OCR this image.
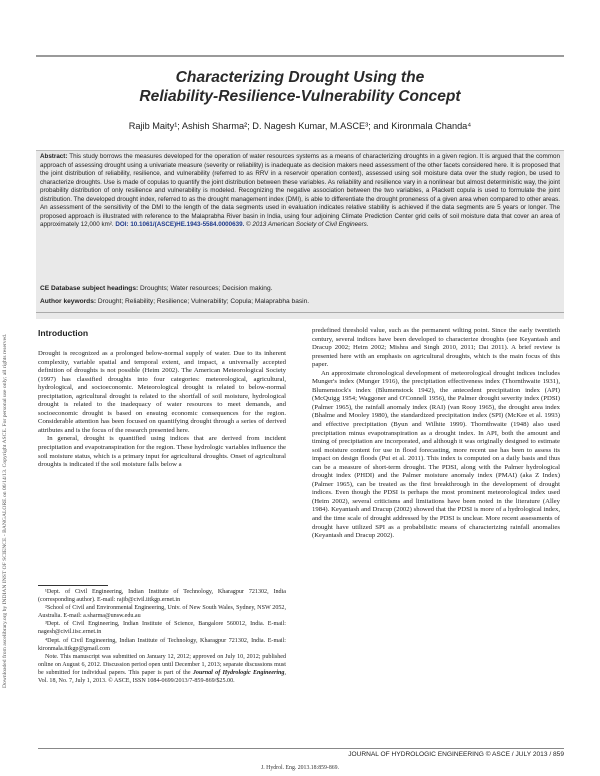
Downloaded from ascelibrary.org by INDIAN INST OF SCIENCE - BANGALORE on 06/14/13. Copyright ASCE. For personal use only; all rights reserved.
Characterizing Drought Using the
Reliability-Resilience-Vulnerability Concept
Rajib Maity¹; Ashish Sharma²; D. Nagesh Kumar, M.ASCE³; and Kironmala Chanda⁴

Abstract: This study borrows the measures developed for the operation of water resources systems as a means of characterizing droughts in a given region. It is argued that the common approach of assessing drought using a univariate measure (severity or reliability) is inadequate as decision makers need assessment of the other facets considered here. It is proposed that the joint distribution of reliability, resilience, and vulnerability (referred to as RRV in a reservoir operation context), assessed using soil moisture data over the study region, be used to characterize droughts. Use is made of copulas to quantify the joint distribution between these variables. As reliability and resilience vary in a nonlinear but almost deterministic way, the joint probability distribution of only resilience and vulnerability is modeled. Recognizing the negative association between the two variables, a Plackett copula is used to formulate the joint distribution. The developed drought index, referred to as the drought management index (DMI), is able to differentiate the drought proneness of a given area when compared to other areas. An assessment of the sensitivity of the DMI to the length of the data segments used in evaluation indicates relative stability is achieved if the data segments are 5 years or longer. The proposed approach is illustrated with reference to the Malaprabha River basin in India, using four adjoining Climate Prediction Center grid cells of soil moisture data that cover an area of approximately 12,000 km². DOI: 10.1061/(ASCE)HE.1943-5584.0000639. © 2013 American Society of Civil Engineers.

CE Database subject headings: Droughts; Water resources; Decision making.
Author keywords: Drought; Reliability; Resilience; Vulnerability; Copula; Malaprabha basin.
Introduction

Drought is recognized as a prolonged below-normal supply of water. Due to its inherent complexity, variable spatial and temporal extent, and impact, a universally accepted definition of droughts is not possible (Heim 2002). The American Meteorological Society (1997) has classified droughts into four categories: meteorological, agricultural, hydrological, and socioeconomic. Meteorological drought is related to below-normal precipitation, agricultural drought is related to the shortfall of soil moisture, hydrological drought is related to the inadequacy of water resources to meet demands, and socioeconomic drought is based on ensuing economic consequences for the region. Considerable attention has been focused on quantifying drought through a series of derived attributes and is the focus of the research presented here.

In general, drought is quantified using indices that are derived from incident precipitation and evapotranspiration for the region. These hydrologic variables influence the soil moisture status, which is a primary input for agricultural droughts. Onset of agricultural droughts is indicated if the soil moisture falls below a

¹Dept. of Civil Engineering, Indian Institute of Technology, Kharagpur 721302, India (corresponding author). E-mail: rajib@civil.iitkgp.ernet.in

²School of Civil and Environmental Engineering, Univ. of New South Wales, Sydney, NSW 2052, Australia. E-mail: a.sharma@unsw.edu.au

³Dept. of Civil Engineering, Indian Institute of Science, Bangalore 560012, India. E-mail: nagesh@civil.iisc.ernet.in

⁴Dept. of Civil Engineering, Indian Institute of Technology, Kharagpur 721302, India. E-mail: kironmala.iitkgp@gmail.com

Note. This manuscript was submitted on January 12, 2012; approved on July 10, 2012; published online on August 6, 2012. Discussion period open until December 1, 2013; separate discussions must be submitted for individual papers. This paper is part of the Journal of Hydrologic Engineering, Vol. 18, No. 7, July 1, 2013. © ASCE, ISSN 1084-0699/2013/7-859-869/$25.00.

predefined threshold value, such as the permanent wilting point. Since the early twentieth century, several indices have been developed to characterize droughts (see Keyantash and Dracup 2002; Heim 2002; Mishra and Singh 2010, 2011; Dai 2011). A brief review is presented here with an emphasis on agricultural droughts, which is the main focus of this paper.

An approximate chronological development of meteorological drought indices includes Munger's index (Munger 1916), the precipitation effectiveness index (Thornthwaite 1931), Blumenstock's index (Blumenstock 1942), the antecedent precipitation index (API) (McQuigg 1954; Waggoner and O'Connell 1956), the Palmer drought severity index (PDSI) (Palmer 1965), the rainfall anomaly index (RAI) (van Rooy 1965), the drought area index (Bhalme and Mooley 1980), the standardized precipitation index (SPI) (McKee et al. 1993) and effective precipitation (Byun and Wilhite 1999). Thornthwaite (1948) also used precipitation minus evapotranspiration as a drought index. In API, both the amount and timing of precipitation are incorporated, and although it was originally designed to estimate soil moisture content for use in flood forecasting, more recent use has been to assess its impact on design floods (Pui et al. 2011). This index is computed on a daily basis and thus can be a measure of short-term drought. The PDSI, along with the Palmer hydrological drought index (PHDI) and the Palmer moisture anomaly index (PMAI) (aka Z Index) (Palmer 1965), can be treated as the first breakthrough in the development of drought indices. Even though the PDSI is perhaps the most prominent meteorological index used (Heim 2002), several criticisms and limitations have been noted in the literature (Alley 1984). Keyantash and Dracup (2002) showed that the PDSI is more of a hydrological index, and the time scale of drought addressed by the PDSI is unclear. More recent assessments of drought have utilized SPI as a probabilistic means of characterizing rainfall anomalies (Keyantash and Dracup 2002).

JOURNAL OF HYDROLOGIC ENGINEERING © ASCE / JULY 2013 / 859
J. Hydrol. Eng. 2013.18:859-869.
